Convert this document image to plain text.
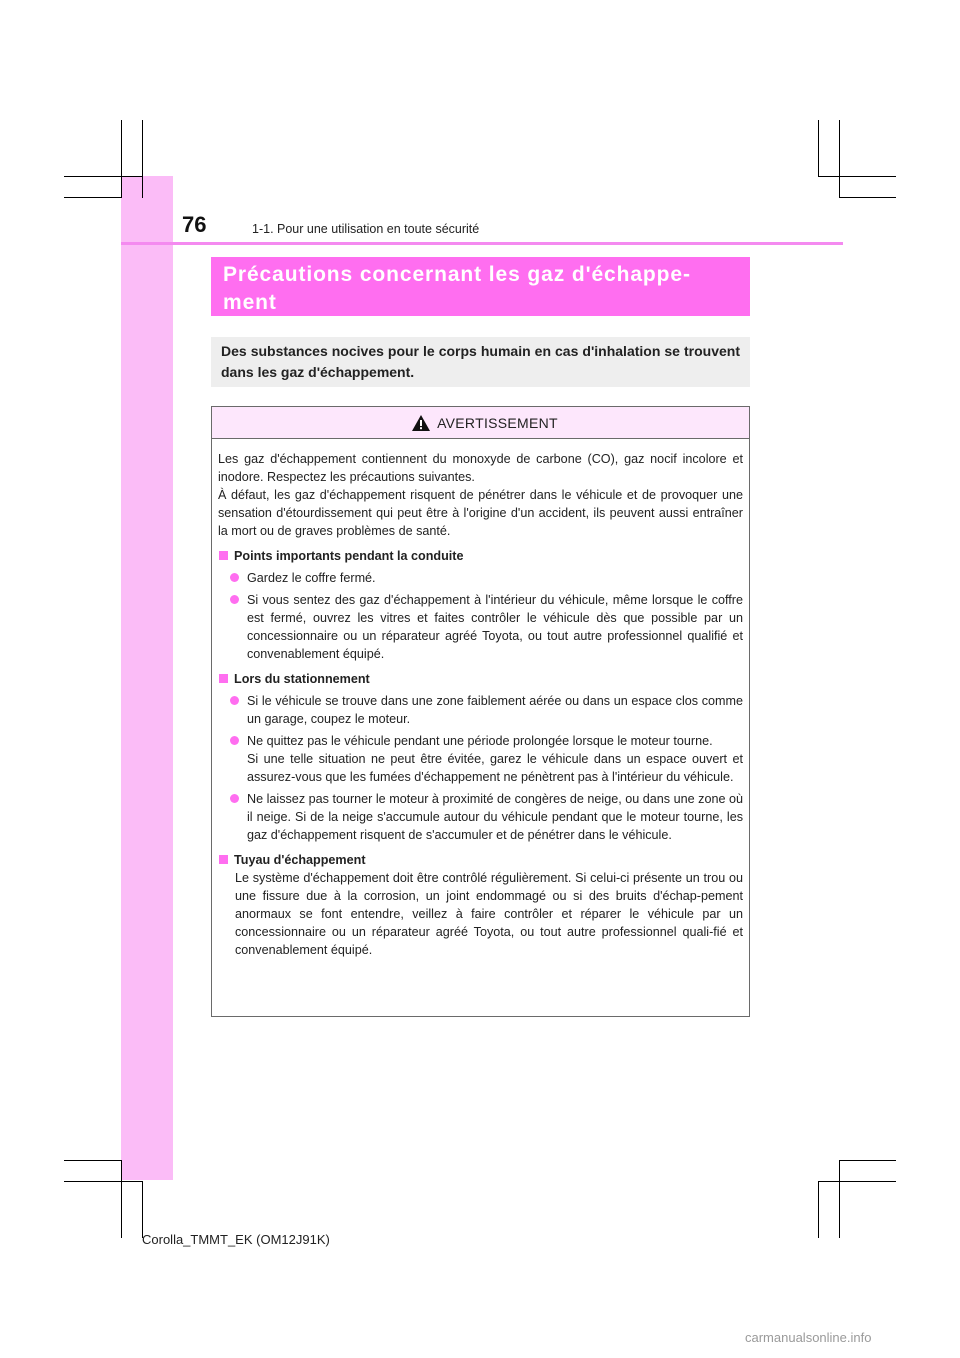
76	1-1. Pour une utilisation en toute sécurité

Précautions concernant les gaz d'échappe-
ment

Des substances nocives pour le corps humain en cas d'inhalation se trouvent dans les gaz d'échappement.

AVERTISSEMENT

Les gaz d'échappement contiennent du monoxyde de carbone (CO), gaz nocif incolore et inodore. Respectez les précautions suivantes.

À défaut, les gaz d'échappement risquent de pénétrer dans le véhicule et de provoquer une sensation d'étourdissement qui peut être à l'origine d'un accident, ils peuvent aussi entraîner la mort ou de graves problèmes de santé.

Points importants pendant la conduite
Gardez le coffre fermé.
Si vous sentez des gaz d'échappement à l'intérieur du véhicule, même lorsque le coffre est fermé, ouvrez les vitres et faites contrôler le véhicule dès que possible par un concessionnaire ou un réparateur agréé Toyota, ou tout autre professionnel qualifié et convenablement équipé.
Lors du stationnement
Si le véhicule se trouve dans une zone faiblement aérée ou dans un espace clos comme un garage, coupez le moteur.
Ne quittez pas le véhicule pendant une période prolongée lorsque le moteur tourne.
Si une telle situation ne peut être évitée, garez le véhicule dans un espace ouvert et assurez-vous que les fumées d'échappement ne pénètrent pas à l'intérieur du véhicule.
Ne laissez pas tourner le moteur à proximité de congères de neige, ou dans une zone où il neige. Si de la neige s'accumule autour du véhicule pendant que le moteur tourne, les gaz d'échappement risquent de s'accumuler et de pénétrer dans le véhicule.
Tuyau d'échappement

Le système d'échappement doit être contrôlé régulièrement. Si celui-ci présente un trou ou une fissure due à la corrosion, un joint endommagé ou si des bruits d'échap-pement anormaux se font entendre, veillez à faire contrôler et réparer le véhicule par un concessionnaire ou un réparateur agréé Toyota, ou tout autre professionnel quali-fié et convenablement équipé.

Corolla_TMMT_EK (OM12J91K)
carmanualsonline.info
